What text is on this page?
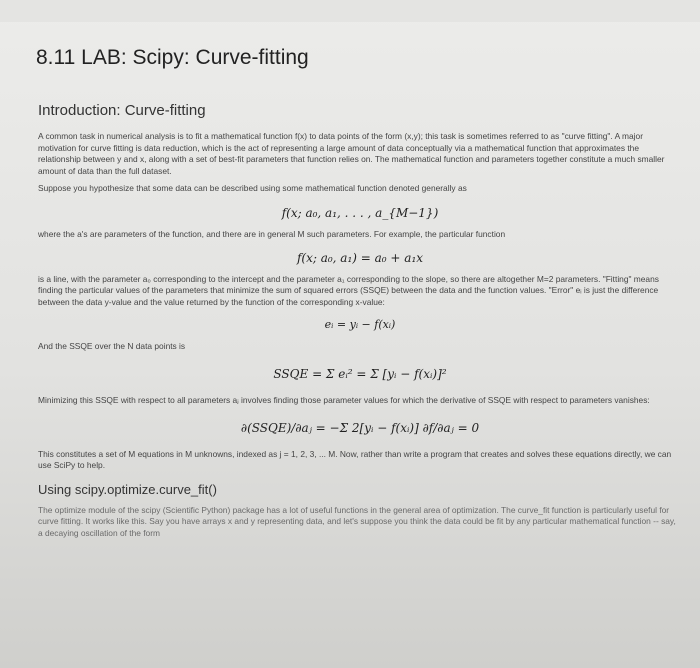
8.11 LAB: Scipy: Curve-fitting
Introduction: Curve-fitting

A common task in numerical analysis is to fit a mathematical function f(x) to data points of the form (x,y); this task is sometimes referred to as "curve fitting". A major motivation for curve fitting is data reduction, which is the act of representing a large amount of data conceptually via a mathematical function that approximates the relationship between y and x, along with a set of best-fit parameters that function relies on. The mathematical function and parameters together constitute a much smaller amount of data than the full dataset.

Suppose you hypothesize that some data can be described using some mathematical function denoted generally as

f(x; a₀, a₁, . . . , a_{M−1})

where the a's are parameters of the function, and there are in general M such parameters. For example, the particular function

f(x; a₀, a₁) = a₀ + a₁x

is a line, with the parameter a₀ corresponding to the intercept and the parameter a₁ corresponding to the slope, so there are altogether M=2 parameters. "Fitting" means finding the particular values of the parameters that minimize the sum of squared errors (SSQE) between the data and the function values. "Error" eᵢ is just the difference between the data y-value and the value returned by the function of the corresponding x-value:

eᵢ = yᵢ − f(xᵢ)

And the SSQE over the N data points is

SSQE = Σ eᵢ² = Σ [yᵢ − f(xᵢ)]²

Minimizing this SSQE with respect to all parameters aⱼ involves finding those parameter values for which the derivative of SSQE with respect to parameters vanishes:

∂(SSQE)/∂aⱼ = −Σ 2[yᵢ − f(xᵢ)] ∂f/∂aⱼ = 0

This constitutes a set of M equations in M unknowns, indexed as j = 1, 2, 3, ... M. Now, rather than write a program that creates and solves these equations directly, we can use SciPy to help.

Using scipy.optimize.curve_fit()

The optimize module of the scipy (Scientific Python) package has a lot of useful functions in the general area of optimization. The curve_fit function is particularly useful for curve fitting. It works like this. Say you have arrays x and y representing data, and let's suppose you think the data could be fit by any particular mathematical function -- say, a decaying oscillation of the form
